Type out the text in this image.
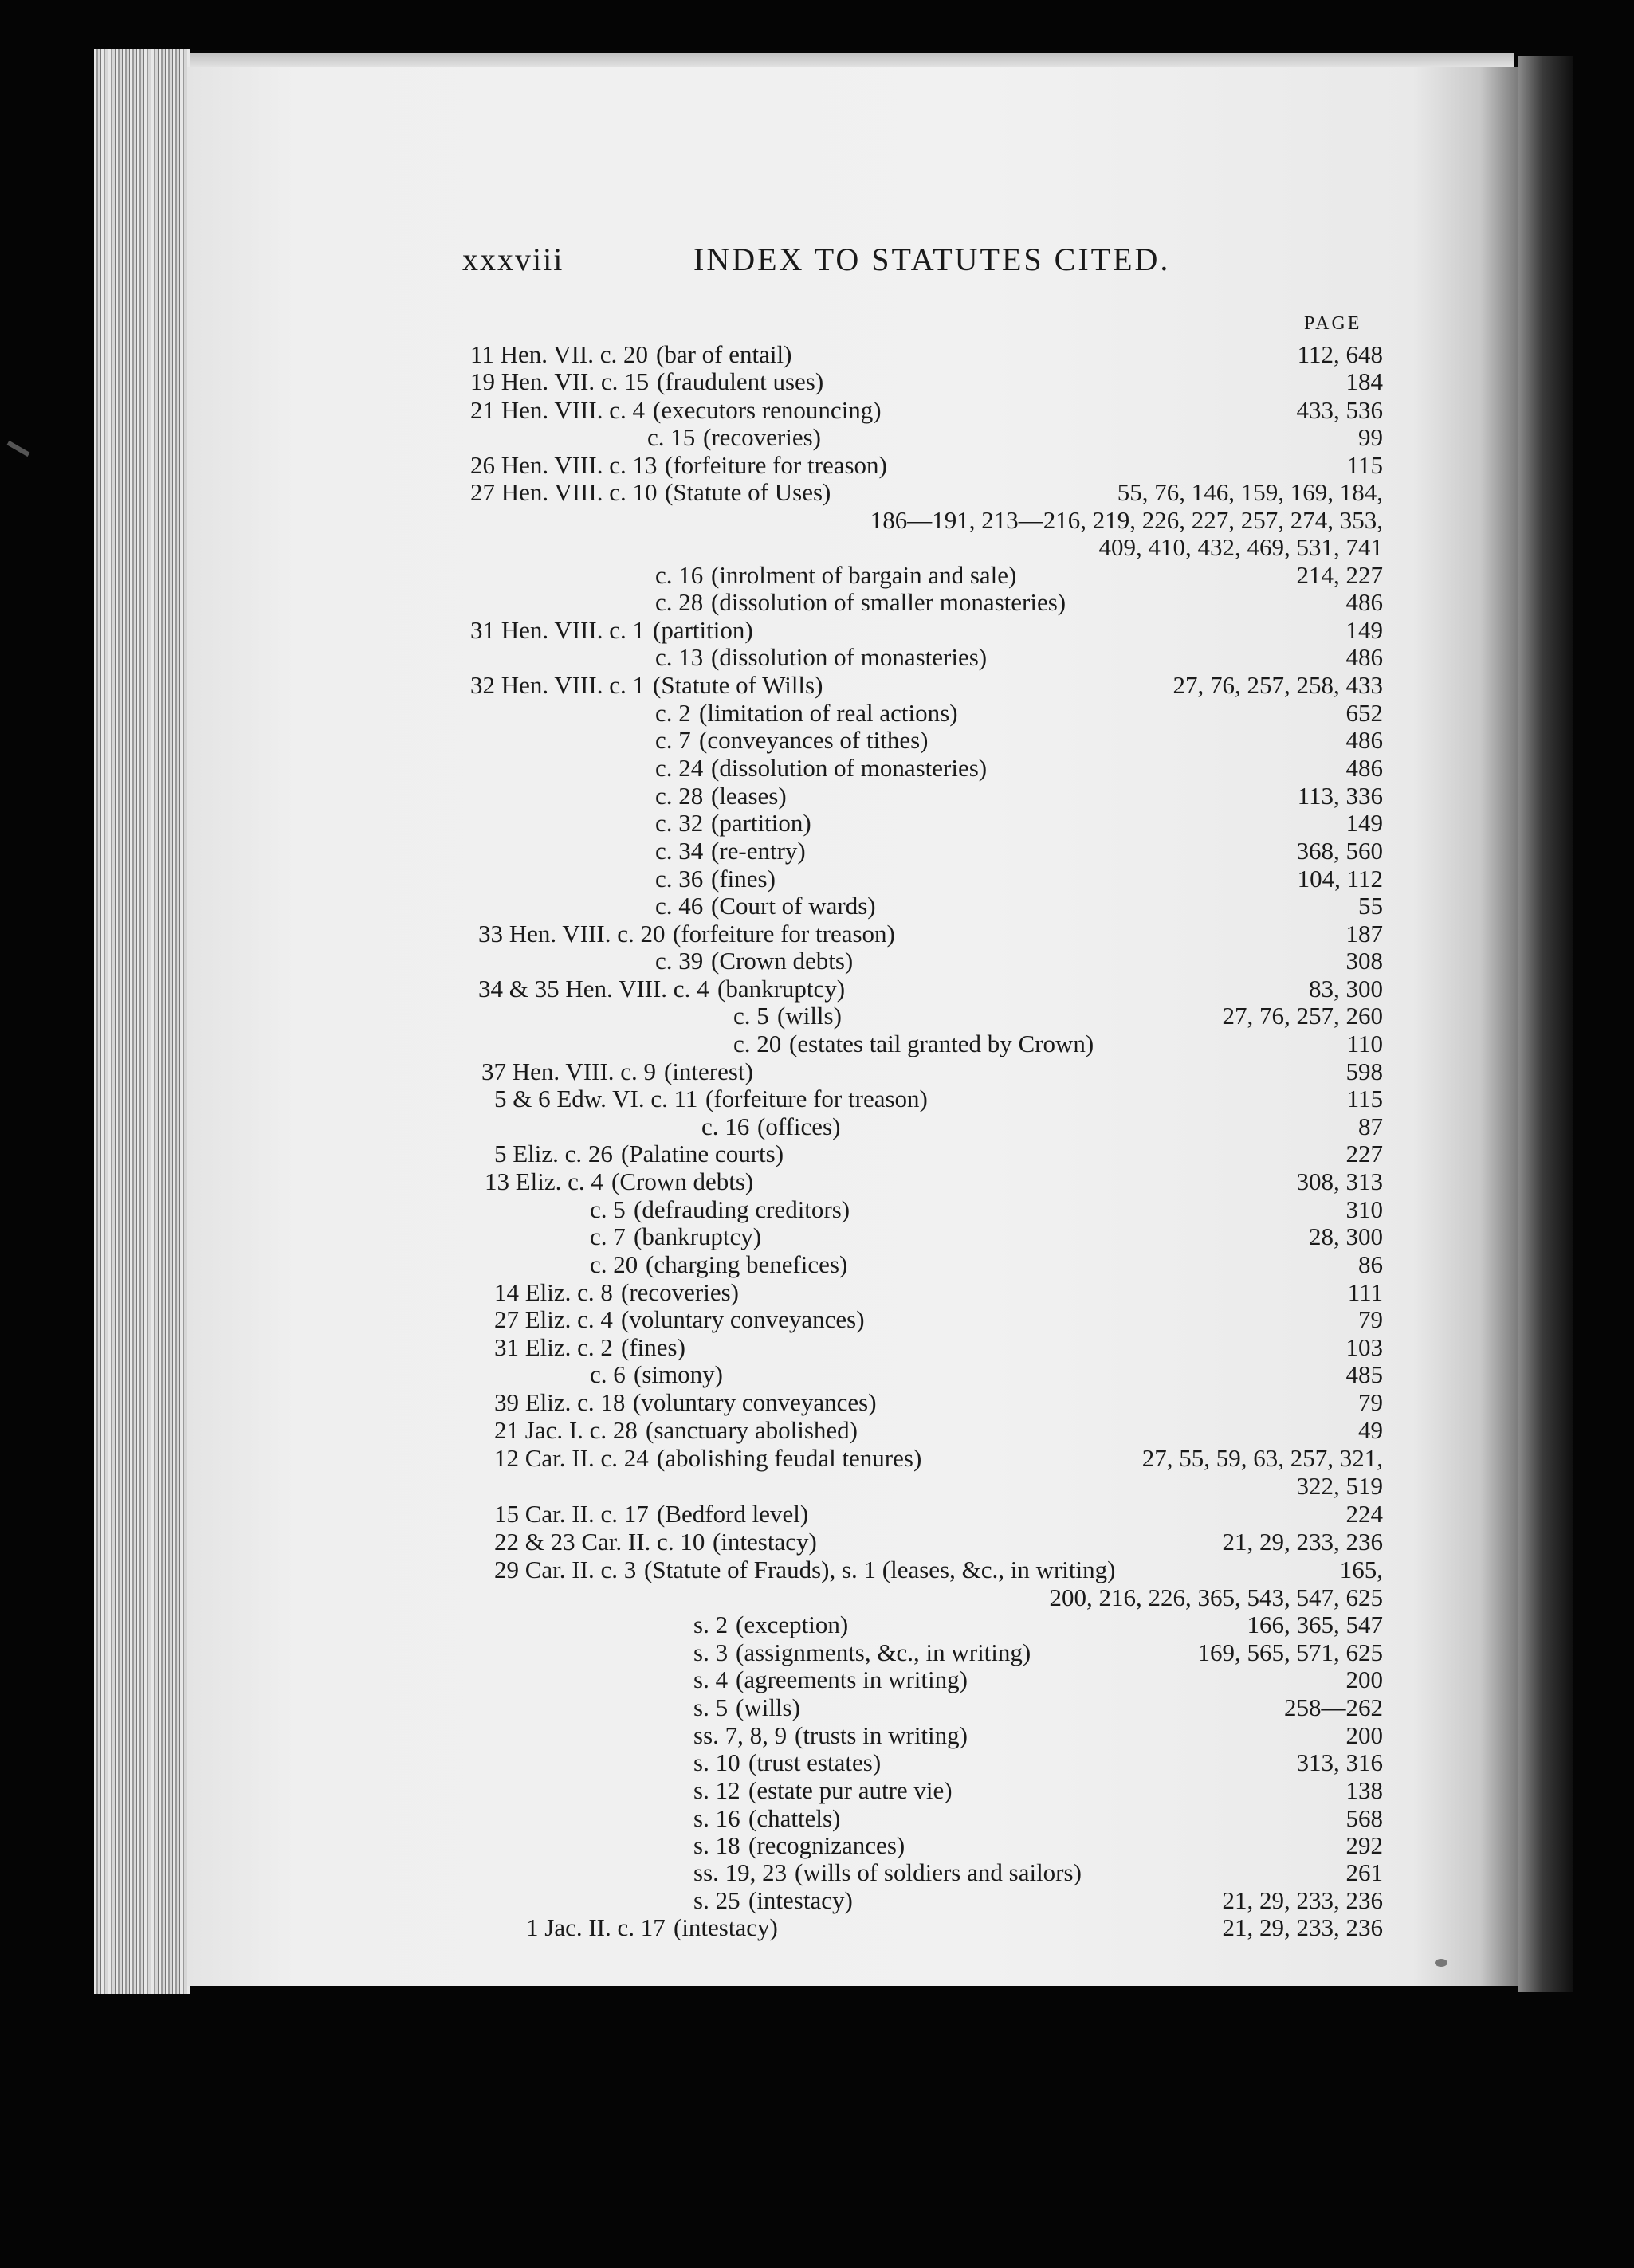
xxxviii	INDEX TO STATUTES CITED.
PAGE
11 Hen. VII. c. 20 (bar of entail)	112, 648
19 Hen. VII. c. 15 (fraudulent uses)	184
21 Hen. VIII. c. 4 (executors renouncing)	433, 536
c. 15 (recoveries)	99
26 Hen. VIII. c. 13 (forfeiture for treason)	115
27 Hen. VIII. c. 10 (Statute of Uses)	55, 76, 146, 159, 169, 184,
186—191, 213—216, 219, 226, 227, 257, 274, 353,
409, 410, 432, 469, 531, 741
c. 16 (inrolment of bargain and sale)	214, 227
c. 28 (dissolution of smaller monasteries)	486
31 Hen. VIII. c. 1 (partition)	149
c. 13 (dissolution of monasteries)	486
32 Hen. VIII. c. 1 (Statute of Wills)	27, 76, 257, 258, 433
c. 2 (limitation of real actions)	652
c. 7 (conveyances of tithes)	486
c. 24 (dissolution of monasteries)	486
c. 28 (leases)	113, 336
c. 32 (partition)	149
c. 34 (re-entry)	368, 560
c. 36 (fines)	104, 112
c. 46 (Court of wards)	55
33 Hen. VIII. c. 20 (forfeiture for treason)	187
c. 39 (Crown debts)	308
34 & 35 Hen. VIII. c. 4 (bankruptcy)	83, 300
c. 5 (wills)	27, 76, 257, 260
c. 20 (estates tail granted by Crown)	110
37 Hen. VIII. c. 9 (interest)	598
5 & 6 Edw. VI. c. 11 (forfeiture for treason)	115
c. 16 (offices)	87
5 Eliz. c. 26 (Palatine courts)	227
13 Eliz. c. 4 (Crown debts)	308, 313
c. 5 (defrauding creditors)	310
c. 7 (bankruptcy)	28, 300
c. 20 (charging benefices)	86
14 Eliz. c. 8 (recoveries)	111
27 Eliz. c. 4 (voluntary conveyances)	79
31 Eliz. c. 2 (fines)	103
c. 6 (simony)	485
39 Eliz. c. 18 (voluntary conveyances)	79
21 Jac. I. c. 28 (sanctuary abolished)	49
12 Car. II. c. 24 (abolishing feudal tenures)	27, 55, 59, 63, 257, 321,
322, 519
15 Car. II. c. 17 (Bedford level)	224
22 & 23 Car. II. c. 10 (intestacy)	21, 29, 233, 236
29 Car. II. c. 3 (Statute of Frauds), s. 1 (leases, &c., in writing)	165,
200, 216, 226, 365, 543, 547, 625
s. 2 (exception)	166, 365, 547
s. 3 (assignments, &c., in writing)	169, 565, 571, 625
s. 4 (agreements in writing)	200
s. 5 (wills)	258—262
ss. 7, 8, 9 (trusts in writing)	200
s. 10 (trust estates)	313, 316
s. 12 (estate pur autre vie)	138
s. 16 (chattels)	568
s. 18 (recognizances)	292
ss. 19, 23 (wills of soldiers and sailors)	261
s. 25 (intestacy)	21, 29, 233, 236
1 Jac. II. c. 17 (intestacy)	21, 29, 233, 236
